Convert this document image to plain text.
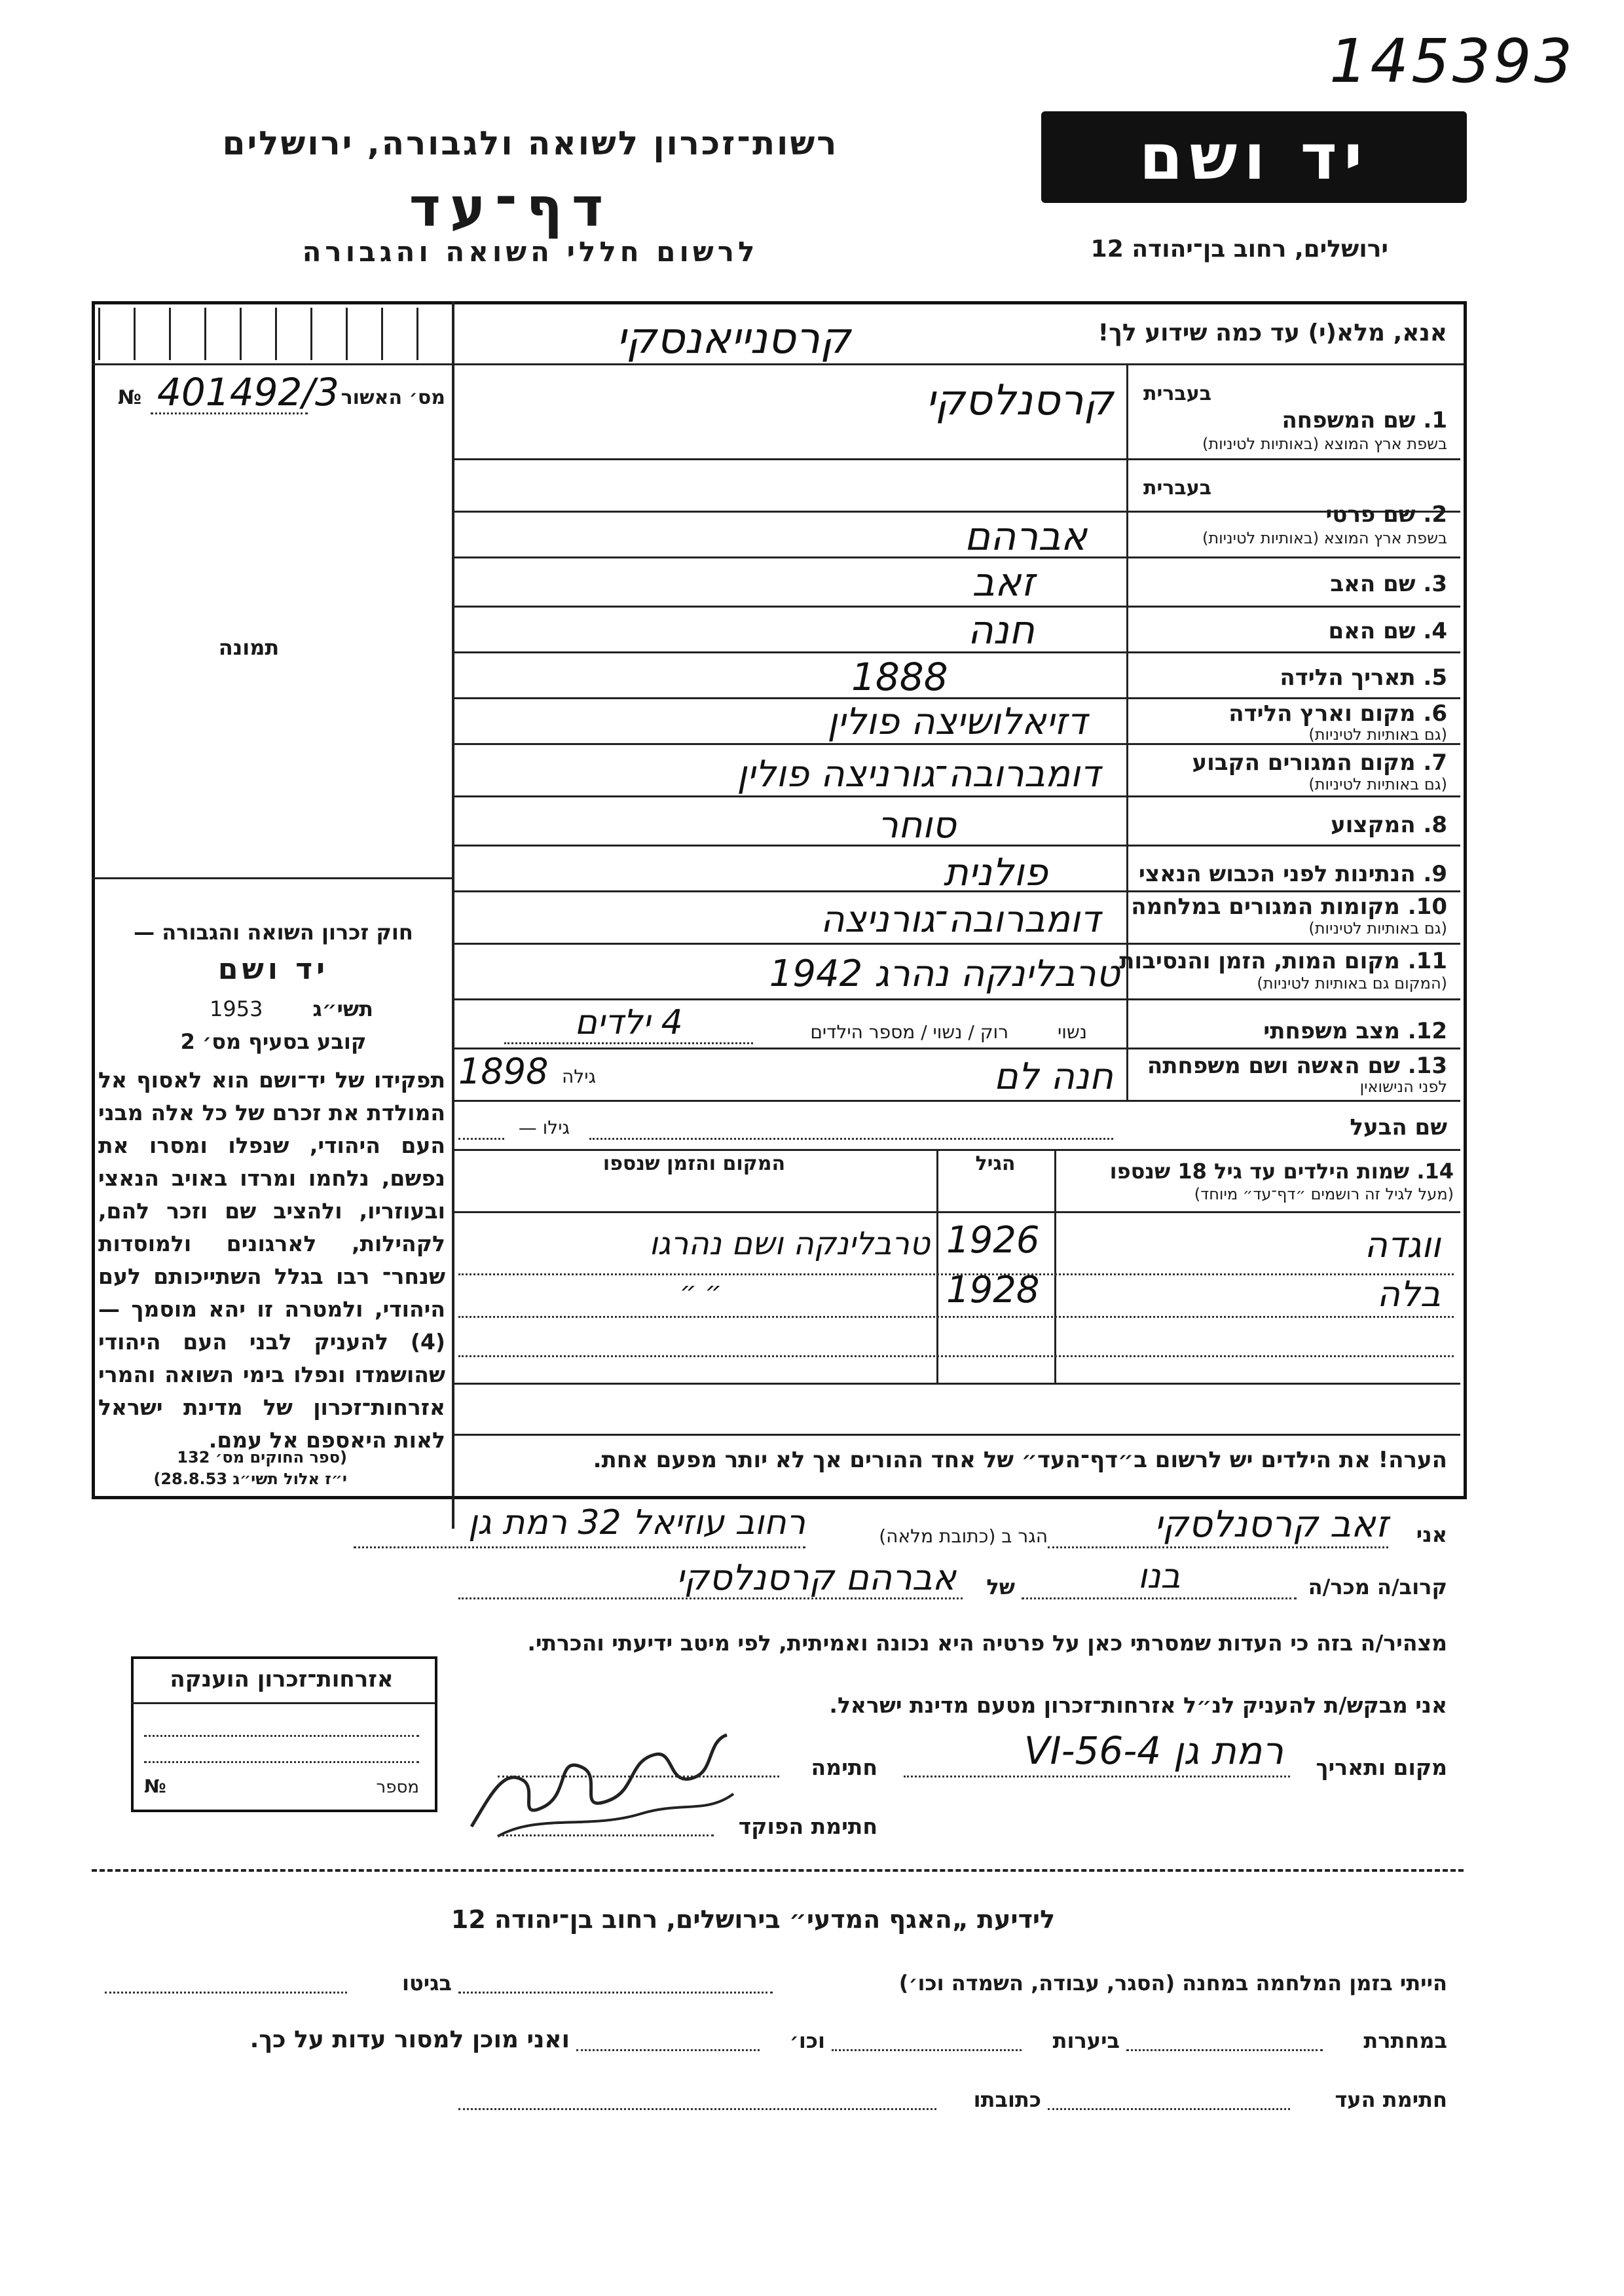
145393
רשות־זכרון לשואה ולגבורה, ירושלים
דף־עד
לרשום חללי השואה והגבורה
יד ושם
ירושלים, רחוב בן־יהודה 12
קרסנייאנסקי	אנא, מלא(י) עד כמה שידוע לך!
מס׳ האשור
№ 401492/3
תמונה
חוק זכרון השואה והגבורה —
יד ושם
1953	תשי״ג
קובע בסעיף מס׳ 2
תפקידו של יד־ושם הוא לאסוף אל המולדת את זכרם של כל אלה מבני העם היהודי, שנפלו ומסרו את נפשם, נלחמו ומרדו באויב הנאצי ובעוזריו, ולהציב שם וזכר להם, לקהילות, לארגונים ולמוסדות שנחר־ רבו בגלל השתייכותם לעם היהודי, ולמטרה זו יהא מוסמך — (4) להעניק לבני העם היהודי שהושמדו ונפלו בימי השואה והמרי אזרחות־זכרון של מדינת ישראל לאות היאספם אל עמם.
(ספר החוקים מס׳ 132
י״ז אלול תשי״ג 28.8.53)
בעברית
1. שם המשפחה
בשפת ארץ המוצא (באותיות לטיניות)
קרסנלסקי
בעברית
2. שם פרטי
בשפת ארץ המוצא (באותיות לטיניות)
אברהם
3. שם האב
זאב
4. שם האם
חנה
5. תאריך הלידה
1888
6. מקום וארץ הלידה
(גם באותיות לטיניות)
דזיאלושיצה פולין
7. מקום המגורים הקבוע
(גם באותיות לטיניות)
דומברובה־גורניצה פולין
8. המקצוע
סוחר
9. הנתינות לפני הכבוש הנאצי
פולנית
10. מקומות המגורים במלחמה
(גם באותיות לטיניות)
דומברובה־גורניצה
11. מקום המות, הזמן והנסיבות
(המקום גם באותיות לטיניות)
טרבלינקה נהרג 1942
12. מצב משפחתי
נשוי
רוק / נשוי / מספר הילדים
4 ילדים
13. שם האשה ושם משפחתה
לפני הנישואין
חנה לם
גילה
1898
שם הבעל
גילו —
14. שמות הילדים עד גיל 18 שנספו
(מעל לגיל זה רושמים ״דף־עד״ מיוחד)
הגיל
המקום והזמן שנספו
ווגדה
1926
טרבלינקה ושם נהרגו
בלה
1928
״ ״
הערה! את הילדים יש לרשום ב״דף־העד״ של אחד ההורים אך לא יותר מפעם אחת.
אני
זאב קרסנלסקי
הגר ב (כתובת מלאה)
רחוב עוזיאל 32 רמת גן
קרוב/ה מכר/ה
בנו
של
אברהם קרסנלסקי
מצהיר/ה בזה כי העדות שמסרתי כאן על פרטיה היא נכונה ואמיתית, לפי מיטב ידיעתי והכרתי.
אני מבקש/ת להעניק לנ״ל אזרחות־זכרון מטעם מדינת ישראל.
מקום ותאריך
רמת גן 4-VI-56
חתימה
חתימת הפוקד
אזרחות־זכרון הוענקה
מספר
№
לידיעת „האגף המדעי״ בירושלים, רחוב בן־יהודה 12
הייתי בזמן המלחמה במחנה (הסגר, עבודה, השמדה וכו׳)
בגיטו
במחתרת
ביערות
וכו׳
ואני מוכן למסור עדות על כך.
חתימת העד
כתובתו
